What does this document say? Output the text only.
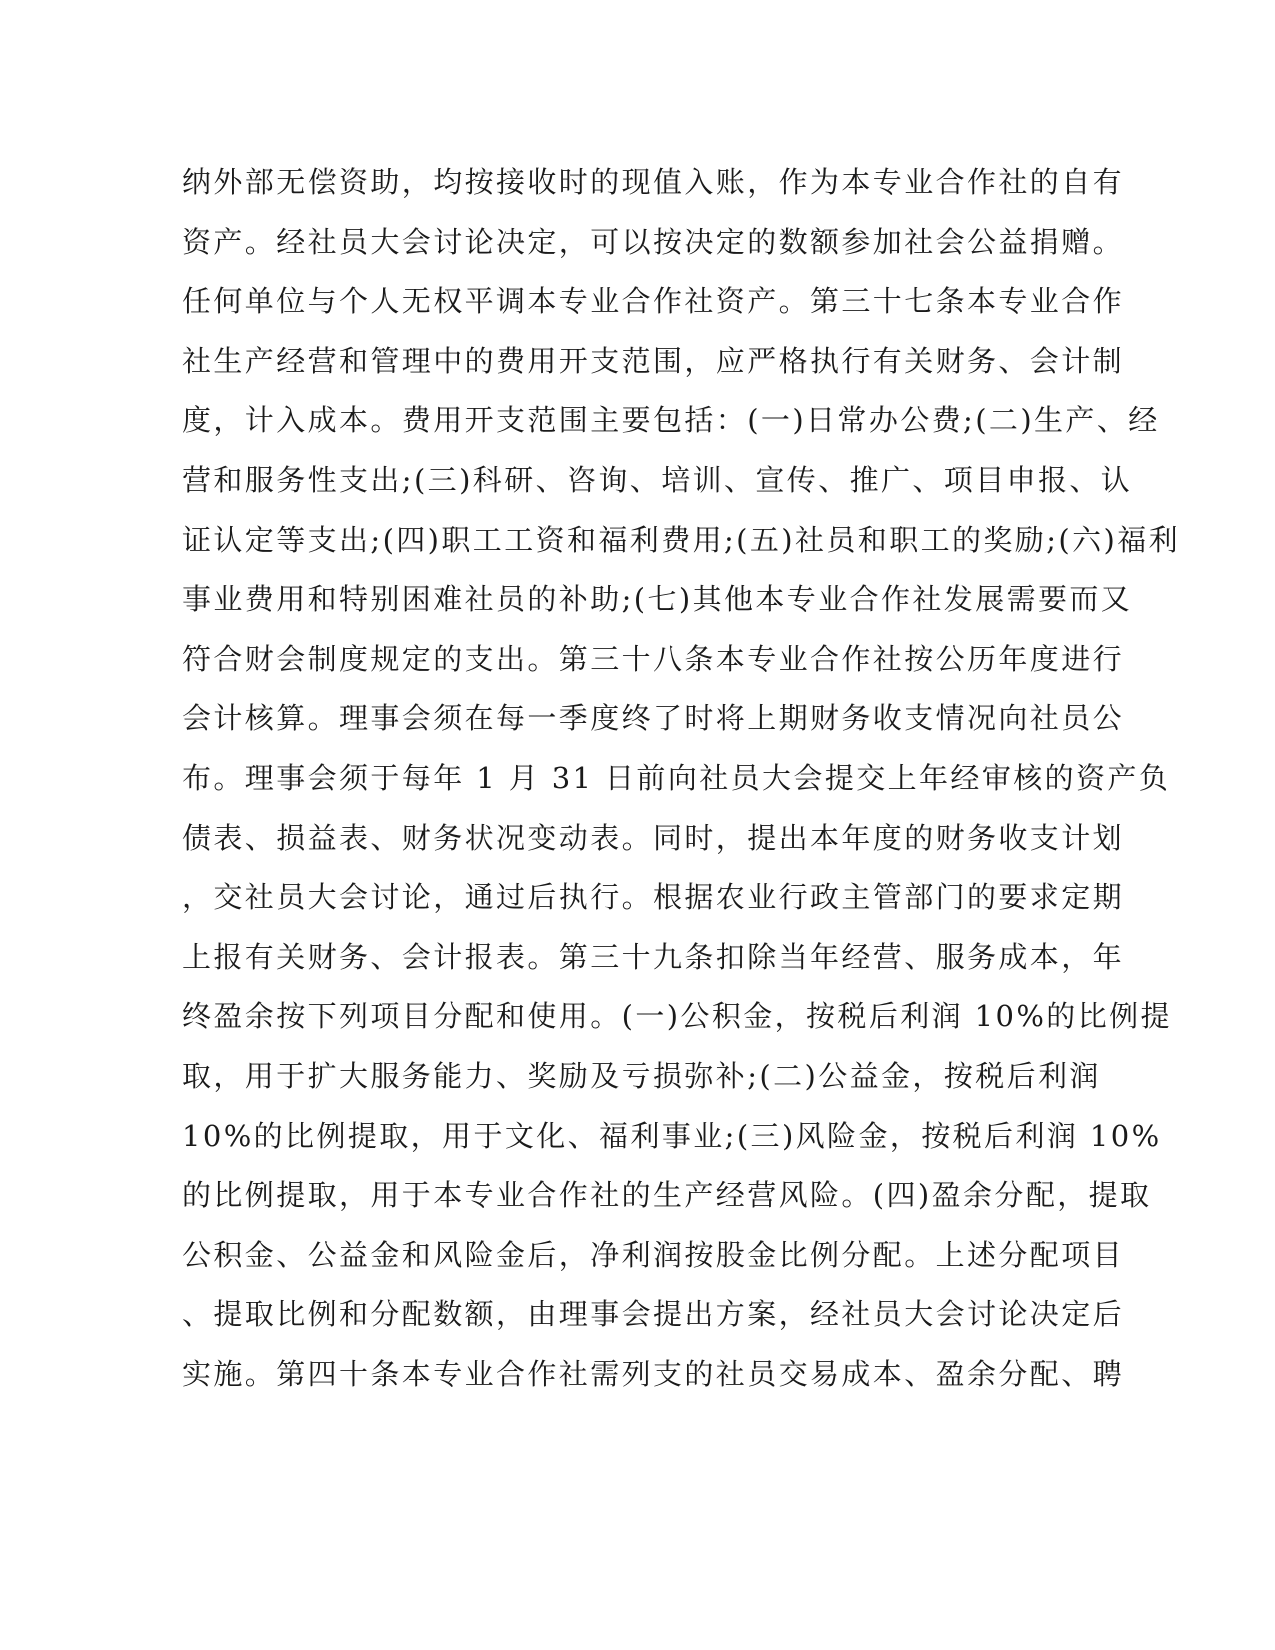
纳外部无偿资助，均按接收时的现值入账，作为本专业合作社的自有
资产。经社员大会讨论决定，可以按决定的数额参加社会公益捐赠。
任何单位与个人无权平调本专业合作社资产。第三十七条本专业合作
社生产经营和管理中的费用开支范围，应严格执行有关财务、会计制
度，计入成本。费用开支范围主要包括：(一)日常办公费;(二)生产、经
营和服务性支出;(三)科研、咨询、培训、宣传、推广、项目申报、认
证认定等支出;(四)职工工资和福利费用;(五)社员和职工的奖励;(六)福利
事业费用和特别困难社员的补助;(七)其他本专业合作社发展需要而又
符合财会制度规定的支出。第三十八条本专业合作社按公历年度进行
会计核算。理事会须在每一季度终了时将上期财务收支情况向社员公
布。理事会须于每年 1 月 31 日前向社员大会提交上年经审核的资产负
债表、损益表、财务状况变动表。同时，提出本年度的财务收支计划
，交社员大会讨论，通过后执行。根据农业行政主管部门的要求定期
上报有关财务、会计报表。第三十九条扣除当年经营、服务成本，年
终盈余按下列项目分配和使用。(一)公积金，按税后利润 10%的比例提
取，用于扩大服务能力、奖励及亏损弥补;(二)公益金，按税后利润
10%的比例提取，用于文化、福利事业;(三)风险金，按税后利润 10%
的比例提取，用于本专业合作社的生产经营风险。(四)盈余分配，提取
公积金、公益金和风险金后，净利润按股金比例分配。上述分配项目
、提取比例和分配数额，由理事会提出方案，经社员大会讨论决定后
实施。第四十条本专业合作社需列支的社员交易成本、盈余分配、聘
